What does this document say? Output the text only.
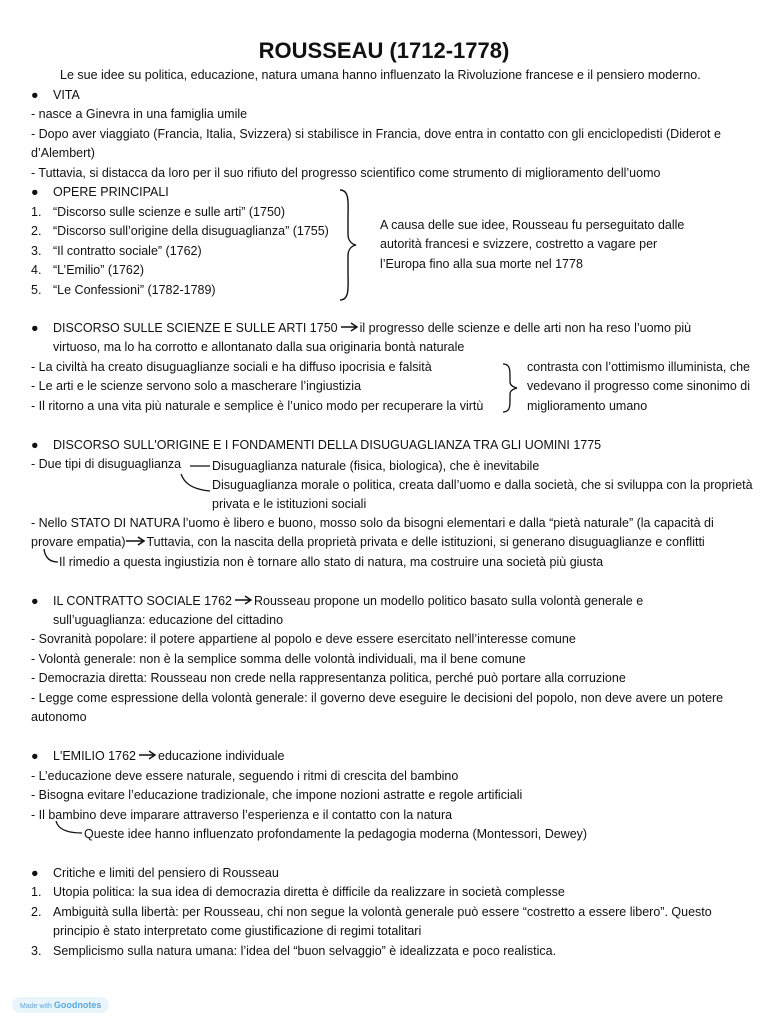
ROUSSEAU (1712-1778)
Le sue idee su politica, educazione, natura umana hanno influenzato la Rivoluzione francese e il pensiero moderno.
● VITA
- nasce a Ginevra in una famiglia umile
- Dopo aver viaggiato (Francia, Italia, Svizzera) si stabilisce in Francia, dove entra in contatto con gli enciclopedisti (Diderot e
d’Alembert)
- Tuttavia, si distacca da loro per il suo rifiuto del progresso scientifico come strumento di miglioramento dell’uomo
● OPERE PRINCIPALI
1. “Discorso sulle scienze e sulle arti” (1750)
2. “Discorso sull’origine della disuguaglianza” (1755)
3. “Il contratto sociale” (1762)
4. “L’Emilio” (1762)
5. “Le Confessioni” (1782-1789)
A causa delle sue idee, Rousseau fu perseguitato dalle
autorità francesi e svizzere, costretto a vagare per
l’Europa fino alla sua morte nel 1778
● DISCORSO SULLE SCIENZE E SULLE ARTI 1750 il progresso delle scienze e delle arti non ha reso l’uomo più
virtuoso, ma lo ha corrotto e allontanato dalla sua originaria bontà naturale
- La civiltà ha creato disuguaglianze sociali e ha diffuso ipocrisia e falsità
- Le arti e le scienze servono solo a mascherare l’ingiustizia
- Il ritorno a una vita più naturale e semplice è l’unico modo per recuperare la virtù
contrasta con l’ottimismo illuminista, che
vedevano il progresso come sinonimo di
miglioramento umano
● DISCORSO SULL'ORIGINE E I FONDAMENTI DELLA DISUGUAGLIANZA TRA GLI UOMINI 1775
- Due tipi di disuguaglianza Disuguaglianza naturale (fisica, biologica), che è inevitabile
Disuguaglianza morale o politica, creata dall’uomo e dalla società, che si sviluppa con la proprietà
privata e le istituzioni sociali
- Nello STATO DI NATURA l’uomo è libero e buono, mosso solo da bisogni elementari e dalla “pietà naturale” (la capacità di
provare empatia) Tuttavia, con la nascita della proprietà privata e delle istituzioni, si generano disuguaglianze e conflitti
Il rimedio a questa ingiustizia non è tornare allo stato di natura, ma costruire una società più giusta
● IL CONTRATTO SOCIALE 1762 Rousseau propone un modello politico basato sulla volontà generale e
sull’uguaglianza: educazione del cittadino
- Sovranità popolare: il potere appartiene al popolo e deve essere esercitato nell’interesse comune
- Volontà generale: non è la semplice somma delle volontà individuali, ma il bene comune
- Democrazia diretta: Rousseau non crede nella rappresentanza politica, perché può portare alla corruzione
- Legge come espressione della volontà generale: il governo deve eseguire le decisioni del popolo, non deve avere un potere
autonomo
● L'EMILIO 1762 educazione individuale
- L’educazione deve essere naturale, seguendo i ritmi di crescita del bambino
- Bisogna evitare l’educazione tradizionale, che impone nozioni astratte e regole artificiali
- Il bambino deve imparare attraverso l’esperienza e il contatto con la natura
Queste idee hanno influenzato profondamente la pedagogia moderna (Montessori, Dewey)
● Critiche e limiti del pensiero di Rousseau
1. Utopia politica: la sua idea di democrazia diretta è difficile da realizzare in società complesse
2. Ambiguità sulla libertà: per Rousseau, chi non segue la volontà generale può essere “costretto a essere libero”. Questo
principio è stato interpretato come giustificazione di regimi totalitari
3. Semplicismo sulla natura umana: l’idea del “buon selvaggio” è idealizzata e poco realistica.
Made with Goodnotes
